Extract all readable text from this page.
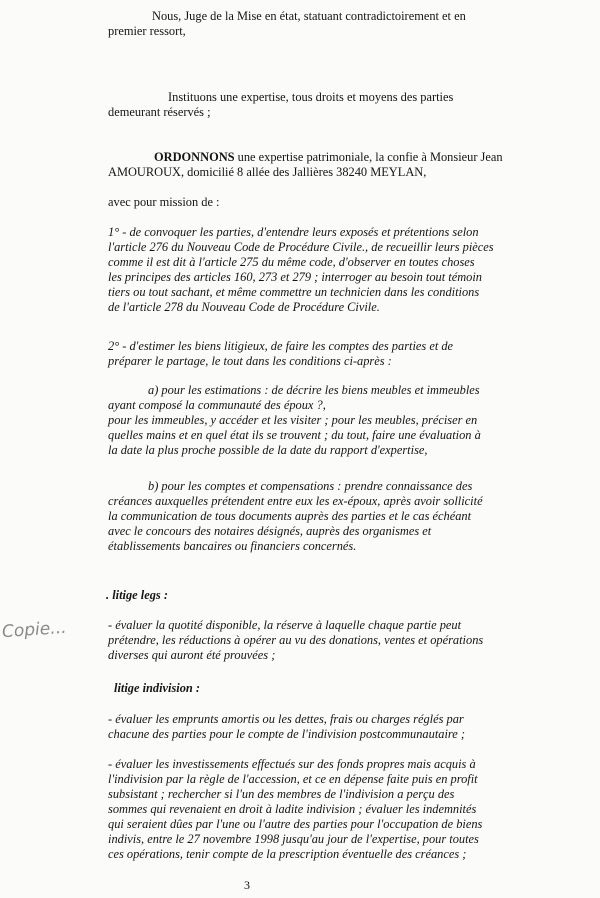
Nous, Juge de la Mise en état, statuant contradictoirement et en
premier ressort,

Instituons une expertise, tous droits et moyens des parties
demeurant réservés ;

ORDONNONS une expertise patrimoniale, la confie à Monsieur Jean
AMOUROUX, domicilié 8 allée des Jallières 38240 MEYLAN,

avec pour mission de :

1° - de convoquer les parties, d'entendre leurs exposés et prétentions selon
l'article 276 du Nouveau Code de Procédure Civile., de recueillir leurs pièces
comme il est dit à l'article 275 du même code, d'observer en toutes choses
les principes des articles 160, 273 et 279 ; interroger au besoin tout témoin
tiers ou tout sachant, et même commettre un technicien dans les conditions
de l'article 278 du Nouveau Code de Procédure Civile.

2° - d'estimer les biens litigieux, de faire les comptes des parties et de
préparer le partage, le tout dans les conditions ci-après :

a) pour les estimations : de décrire les biens meubles et immeubles
ayant composé la communauté des époux ?,
pour les immeubles, y accéder et les visiter ; pour les meubles, préciser en
quelles mains et en quel état ils se trouvent ; du tout, faire une évaluation à
la date la plus proche possible de la date du rapport d'expertise,

b) pour les comptes et compensations : prendre connaissance des
créances auxquelles prétendent entre eux les ex-époux, après avoir sollicité
la communication de tous documents auprès des parties et le cas échéant
avec le concours des notaires désignés, auprès des organismes et
établissements bancaires ou financiers concernés.

. litige legs :

- évaluer la quotité disponible, la réserve à laquelle chaque partie peut
prétendre, les réductions à opérer au vu des donations, ventes et opérations
diverses qui auront été prouvées ;

Copie...

litige indivision :

- évaluer les emprunts amortis ou les dettes, frais ou charges réglés par
chacune des parties pour le compte de l'indivision postcommunautaire ;

- évaluer les investissements effectués sur des fonds propres mais acquis à
l'indivision par la règle de l'accession, et ce en dépense faite puis en profit
subsistant ; rechercher si l'un des membres de l'indivision a perçu des
sommes qui revenaient en droit à ladite indivision ; évaluer les indemnités
qui seraient dûes par l'une ou l'autre des parties pour l'occupation de biens
indivis, entre le 27 novembre 1998 jusqu'au jour de l'expertise, pour toutes
ces opérations, tenir compte de la prescription éventuelle des créances ;

3
